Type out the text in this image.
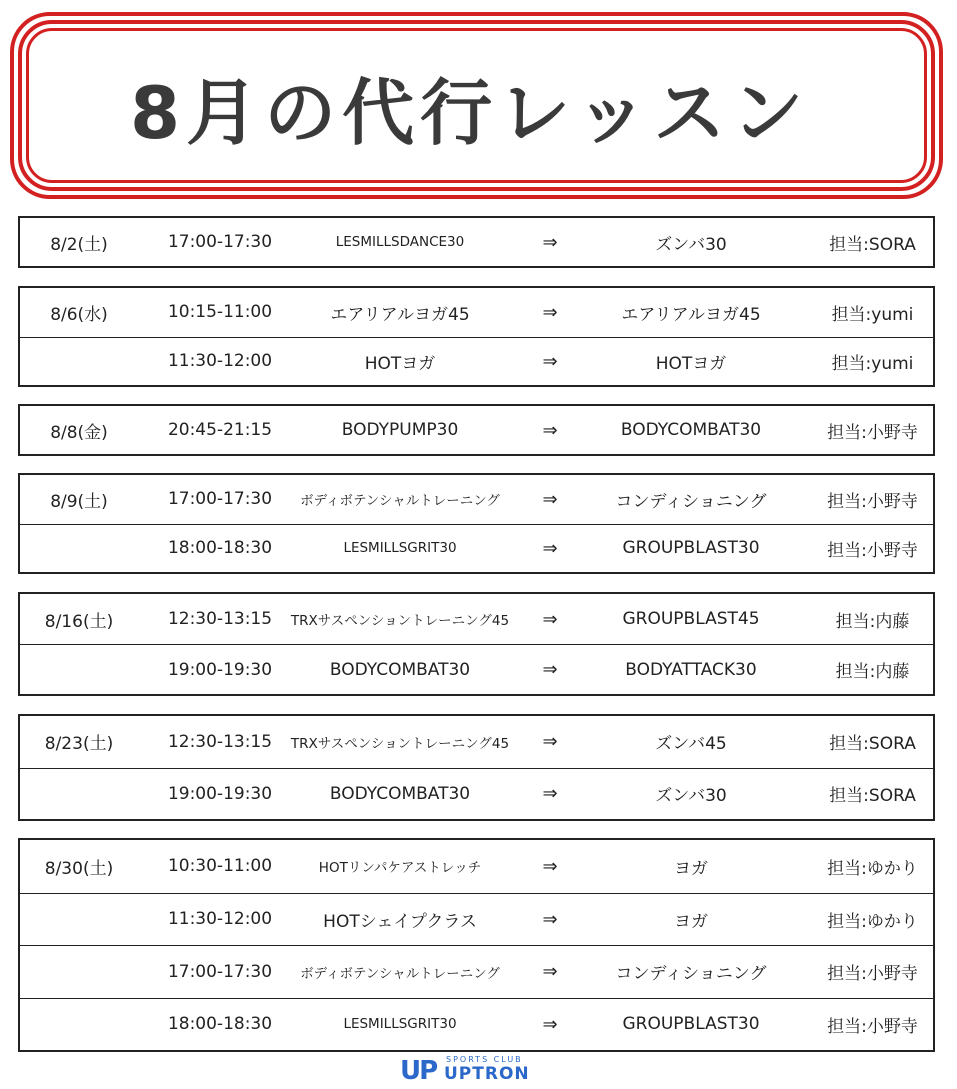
8月の代行レッスン
8/2(土)	17:00-17:30	LESMILLSDANCE30	⇒	ズンバ30	担当:SORA
8/6(水)	10:15-11:00	エアリアルヨガ45	⇒	エアリアルヨガ45	担当:yumi
11:30-12:00	HOTヨガ	⇒	HOTヨガ	担当:yumi
8/8(金)	20:45-21:15	BODYPUMP30	⇒	BODYCOMBAT30	担当:小野寺
8/9(土)	17:00-17:30	ボディボテンシャルトレーニング	⇒	コンディショニング	担当:小野寺
18:00-18:30	LESMILLSGRIT30	⇒	GROUPBLAST30	担当:小野寺
8/16(土)	12:30-13:15	TRXサスペンショントレーニング45	⇒	GROUPBLAST45	担当:内藤
19:00-19:30	BODYCOMBAT30	⇒	BODYATTACK30	担当:内藤
8/23(土)	12:30-13:15	TRXサスペンショントレーニング45	⇒	ズンバ45	担当:SORA
19:00-19:30	BODYCOMBAT30	⇒	ズンバ30	担当:SORA
8/30(土)	10:30-11:00	HOTリンパケアストレッチ	⇒	ヨガ	担当:ゆかり
11:30-12:00	HOTシェイプクラス	⇒	ヨガ	担当:ゆかり
17:00-17:30	ボディボテンシャルトレーニング	⇒	コンディショニング	担当:小野寺
18:00-18:30	LESMILLSGRIT30	⇒	GROUPBLAST30	担当:小野寺
UP SPORTS CLUB
UPTRON
